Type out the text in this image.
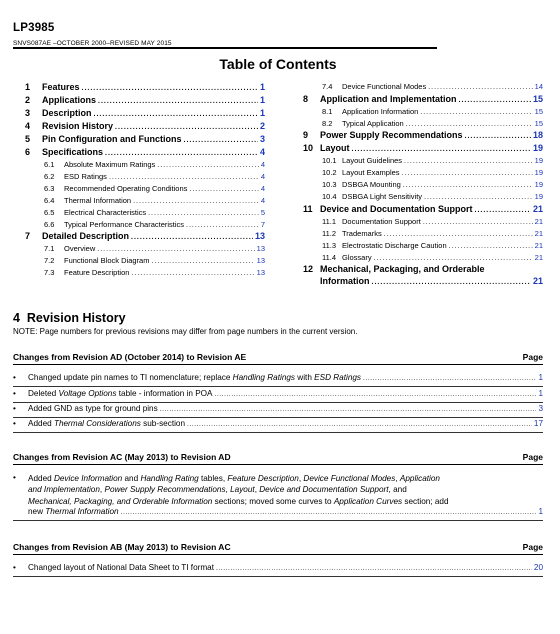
LP3985
SNVS087AE –OCTOBER 2000–REVISED MAY 2015
Table of Contents
1	Features .....	1
2	Applications .....	1
3	Description .....	1
4	Revision History .....	2
5	Pin Configuration and Functions .....	3
6	Specifications .....	4
6.1	Absolute Maximum Ratings .....	4
6.2	ESD Ratings .....	4
6.3	Recommended Operating Conditions .....	4
6.4	Thermal Information .....	4
6.5	Electrical Characteristics .....	5
6.6	Typical Performance Characteristics .....	7
7	Detailed Description .....	13
7.1	Overview .....	13
7.2	Functional Block Diagram .....	13
7.3	Feature Description .....	13
7.4	Device Functional Modes .....	14
8	Application and Implementation .....	15
8.1	Application Information .....	15
8.2	Typical Application .....	15
9	Power Supply Recommendations .....	18
10 Layout .....	19
10.1 Layout Guidelines .....	19
10.2 Layout Examples .....	19
10.3 DSBGA Mounting .....	19
10.4 DSBGA Light Sensitivity .....	19
11 Device and Documentation Support .....	21
11.1 Documentation Support .....	21
11.2 Trademarks .....	21
11.3 Electrostatic Discharge Caution .....	21
11.4 Glossary .....	21
12 Mechanical, Packaging, and Orderable
Information .....	21
4 Revision History
NOTE: Page numbers for previous revisions may differ from page numbers in the current version.
Changes from Revision AD (October 2014) to Revision AE	Page
• Changed update pin names to TI nomenclature; replace Handling Ratings with ESD Ratings .....	1
• Deleted Voltage Options table - information in POA .....	1
• Added GND as type for ground pins .....	3
• Added Thermal Considerations sub-section .....	17
Changes from Revision AC (May 2013) to Revision AD	Page
• Added Device Information and Handling Rating tables, Feature Description, Device Functional Modes, Application
and Implementation, Power Supply Recommendations, Layout, Device and Documentation Support, and
Mechanical, Packaging, and Orderable Information sections; moved some curves to Application Curves section; add
new Thermal Information .....	1
Changes from Revision AB (May 2013) to Revision AC	Page
• Changed layout of National Data Sheet to TI format .....	20
